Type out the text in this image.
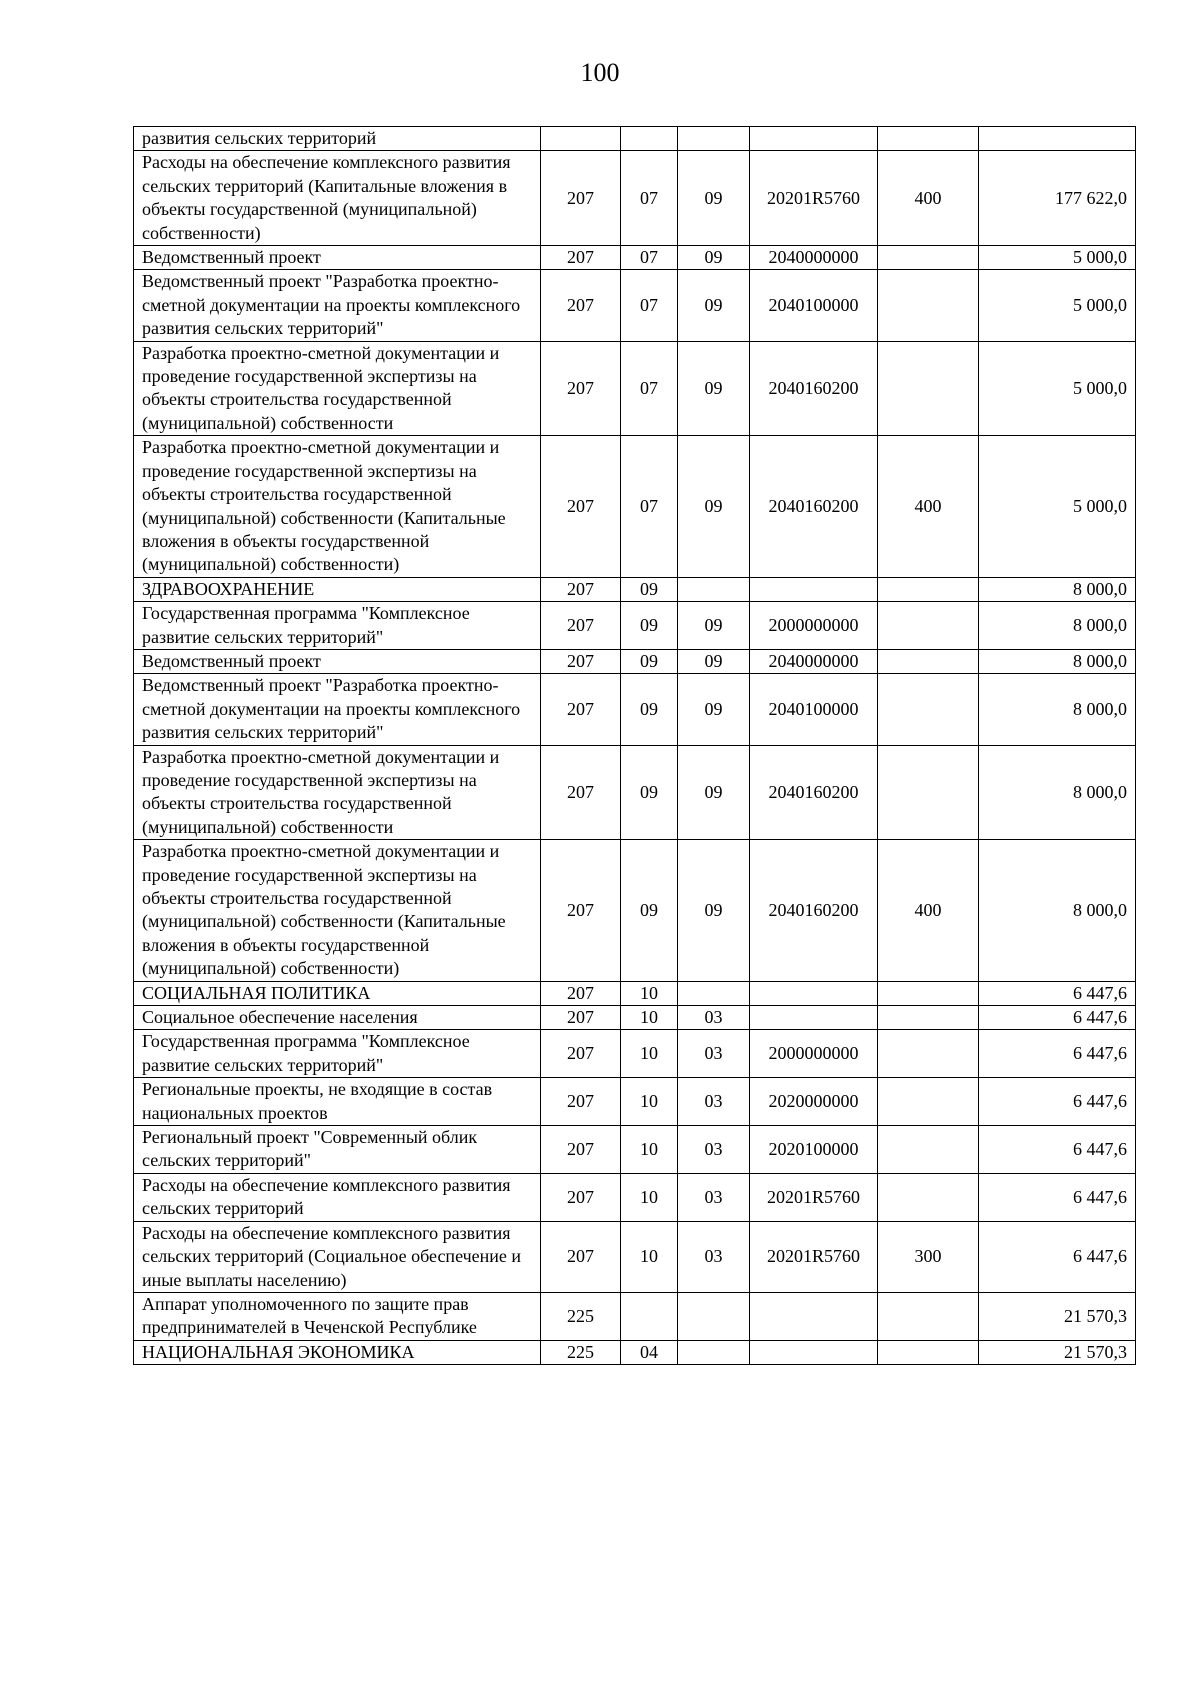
100
развития сельских территорий						
Расходы на обеспечение комплексного развития сельских территорий (Капитальные вложения в объекты государственной (муниципальной) собственности)	207	07	09	20201R5760	400	177 622,0
Ведомственный проект	207	07	09	2040000000		5 000,0
Ведомственный проект "Разработка проектно-сметной документации на проекты комплексного развития сельских территорий"	207	07	09	2040100000		5 000,0
Разработка проектно-сметной документации и проведение государственной экспертизы на объекты строительства государственной (муниципальной) собственности	207	07	09	2040160200		5 000,0
Разработка проектно-сметной документации и проведение государственной экспертизы на объекты строительства государственной (муниципальной) собственности (Капитальные вложения в объекты государственной (муниципальной) собственности)	207	07	09	2040160200	400	5 000,0
ЗДРАВООХРАНЕНИЕ	207	09				8 000,0
Государственная программа "Комплексное развитие сельских территорий"	207	09	09	2000000000		8 000,0
Ведомственный проект	207	09	09	2040000000		8 000,0
Ведомственный проект "Разработка проектно-сметной документации на проекты комплексного развития сельских территорий"	207	09	09	2040100000		8 000,0
Разработка проектно-сметной документации и проведение государственной экспертизы на объекты строительства государственной (муниципальной) собственности	207	09	09	2040160200		8 000,0
Разработка проектно-сметной документации и проведение государственной экспертизы на объекты строительства государственной (муниципальной) собственности (Капитальные вложения в объекты государственной (муниципальной) собственности)	207	09	09	2040160200	400	8 000,0
СОЦИАЛЬНАЯ ПОЛИТИКА	207	10				6 447,6
Социальное обеспечение населения	207	10	03			6 447,6
Государственная программа "Комплексное развитие сельских территорий"	207	10	03	2000000000		6 447,6
Региональные проекты, не входящие в состав национальных проектов	207	10	03	2020000000		6 447,6
Региональный проект "Современный облик сельских территорий"	207	10	03	2020100000		6 447,6
Расходы на обеспечение комплексного развития сельских территорий	207	10	03	20201R5760		6 447,6
Расходы на обеспечение комплексного развития сельских территорий (Социальное обеспечение и иные выплаты населению)	207	10	03	20201R5760	300	6 447,6
Аппарат уполномоченного по защите прав предпринимателей в Чеченской Республике	225					21 570,3
НАЦИОНАЛЬНАЯ ЭКОНОМИКА	225	04				21 570,3
